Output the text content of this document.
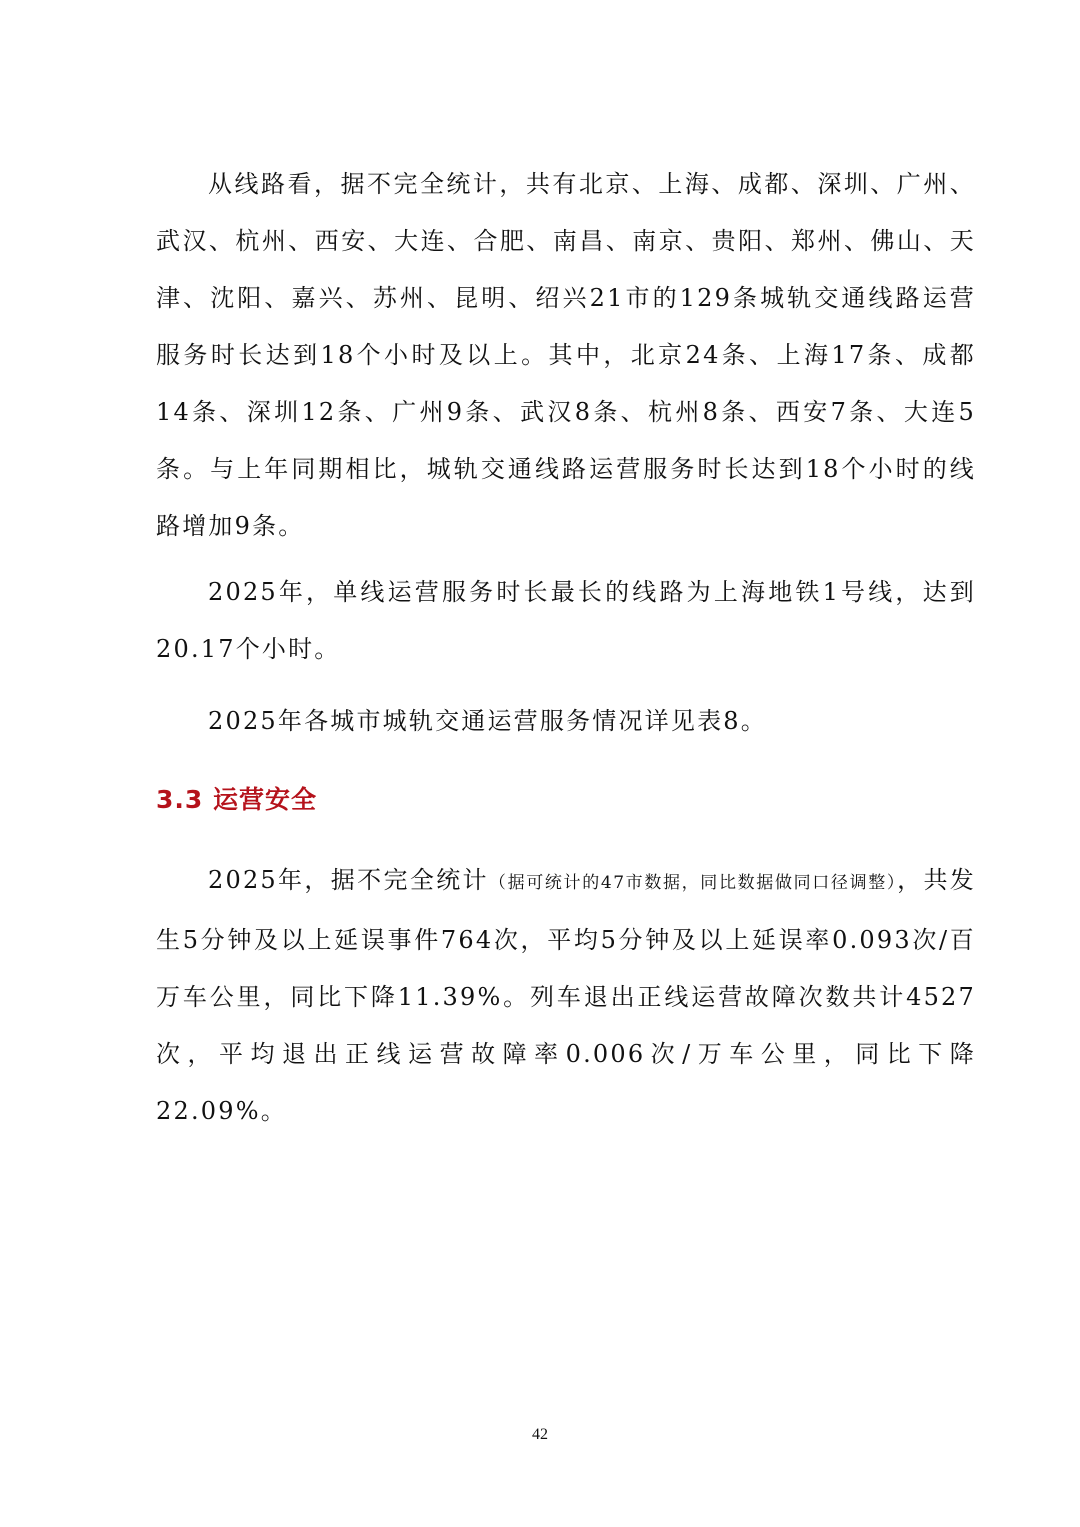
从线路看，据不完全统计，共有北京、上海、成都、深圳、广州、武汉、杭州、西安、大连、合肥、南昌、南京、贵阳、郑州、佛山、天津、沈阳、嘉兴、苏州、昆明、绍兴21市的129条城轨交通线路运营服务时长达到18个小时及以上。其中，北京24条、上海17条、成都14条、深圳12条、广州9条、武汉8条、杭州8条、西安7条、大连5条。与上年同期相比，城轨交通线路运营服务时长达到18个小时的线路增加9条。

2025年，单线运营服务时长最长的线路为上海地铁1号线，达到20.17个小时。

2025年各城市城轨交通运营服务情况详见表8。

3.3 运营安全

2025年，据不完全统计（据可统计的47市数据，同比数据做同口径调整），共发生5分钟及以上延误事件764次，平均5分钟及以上延误率0.093次/百万车公里，同比下降11.39%。列车退出正线运营故障次数共计4527次，平均退出正线运营故障率0.006次/万车公里，同比下降22.09%。

42
